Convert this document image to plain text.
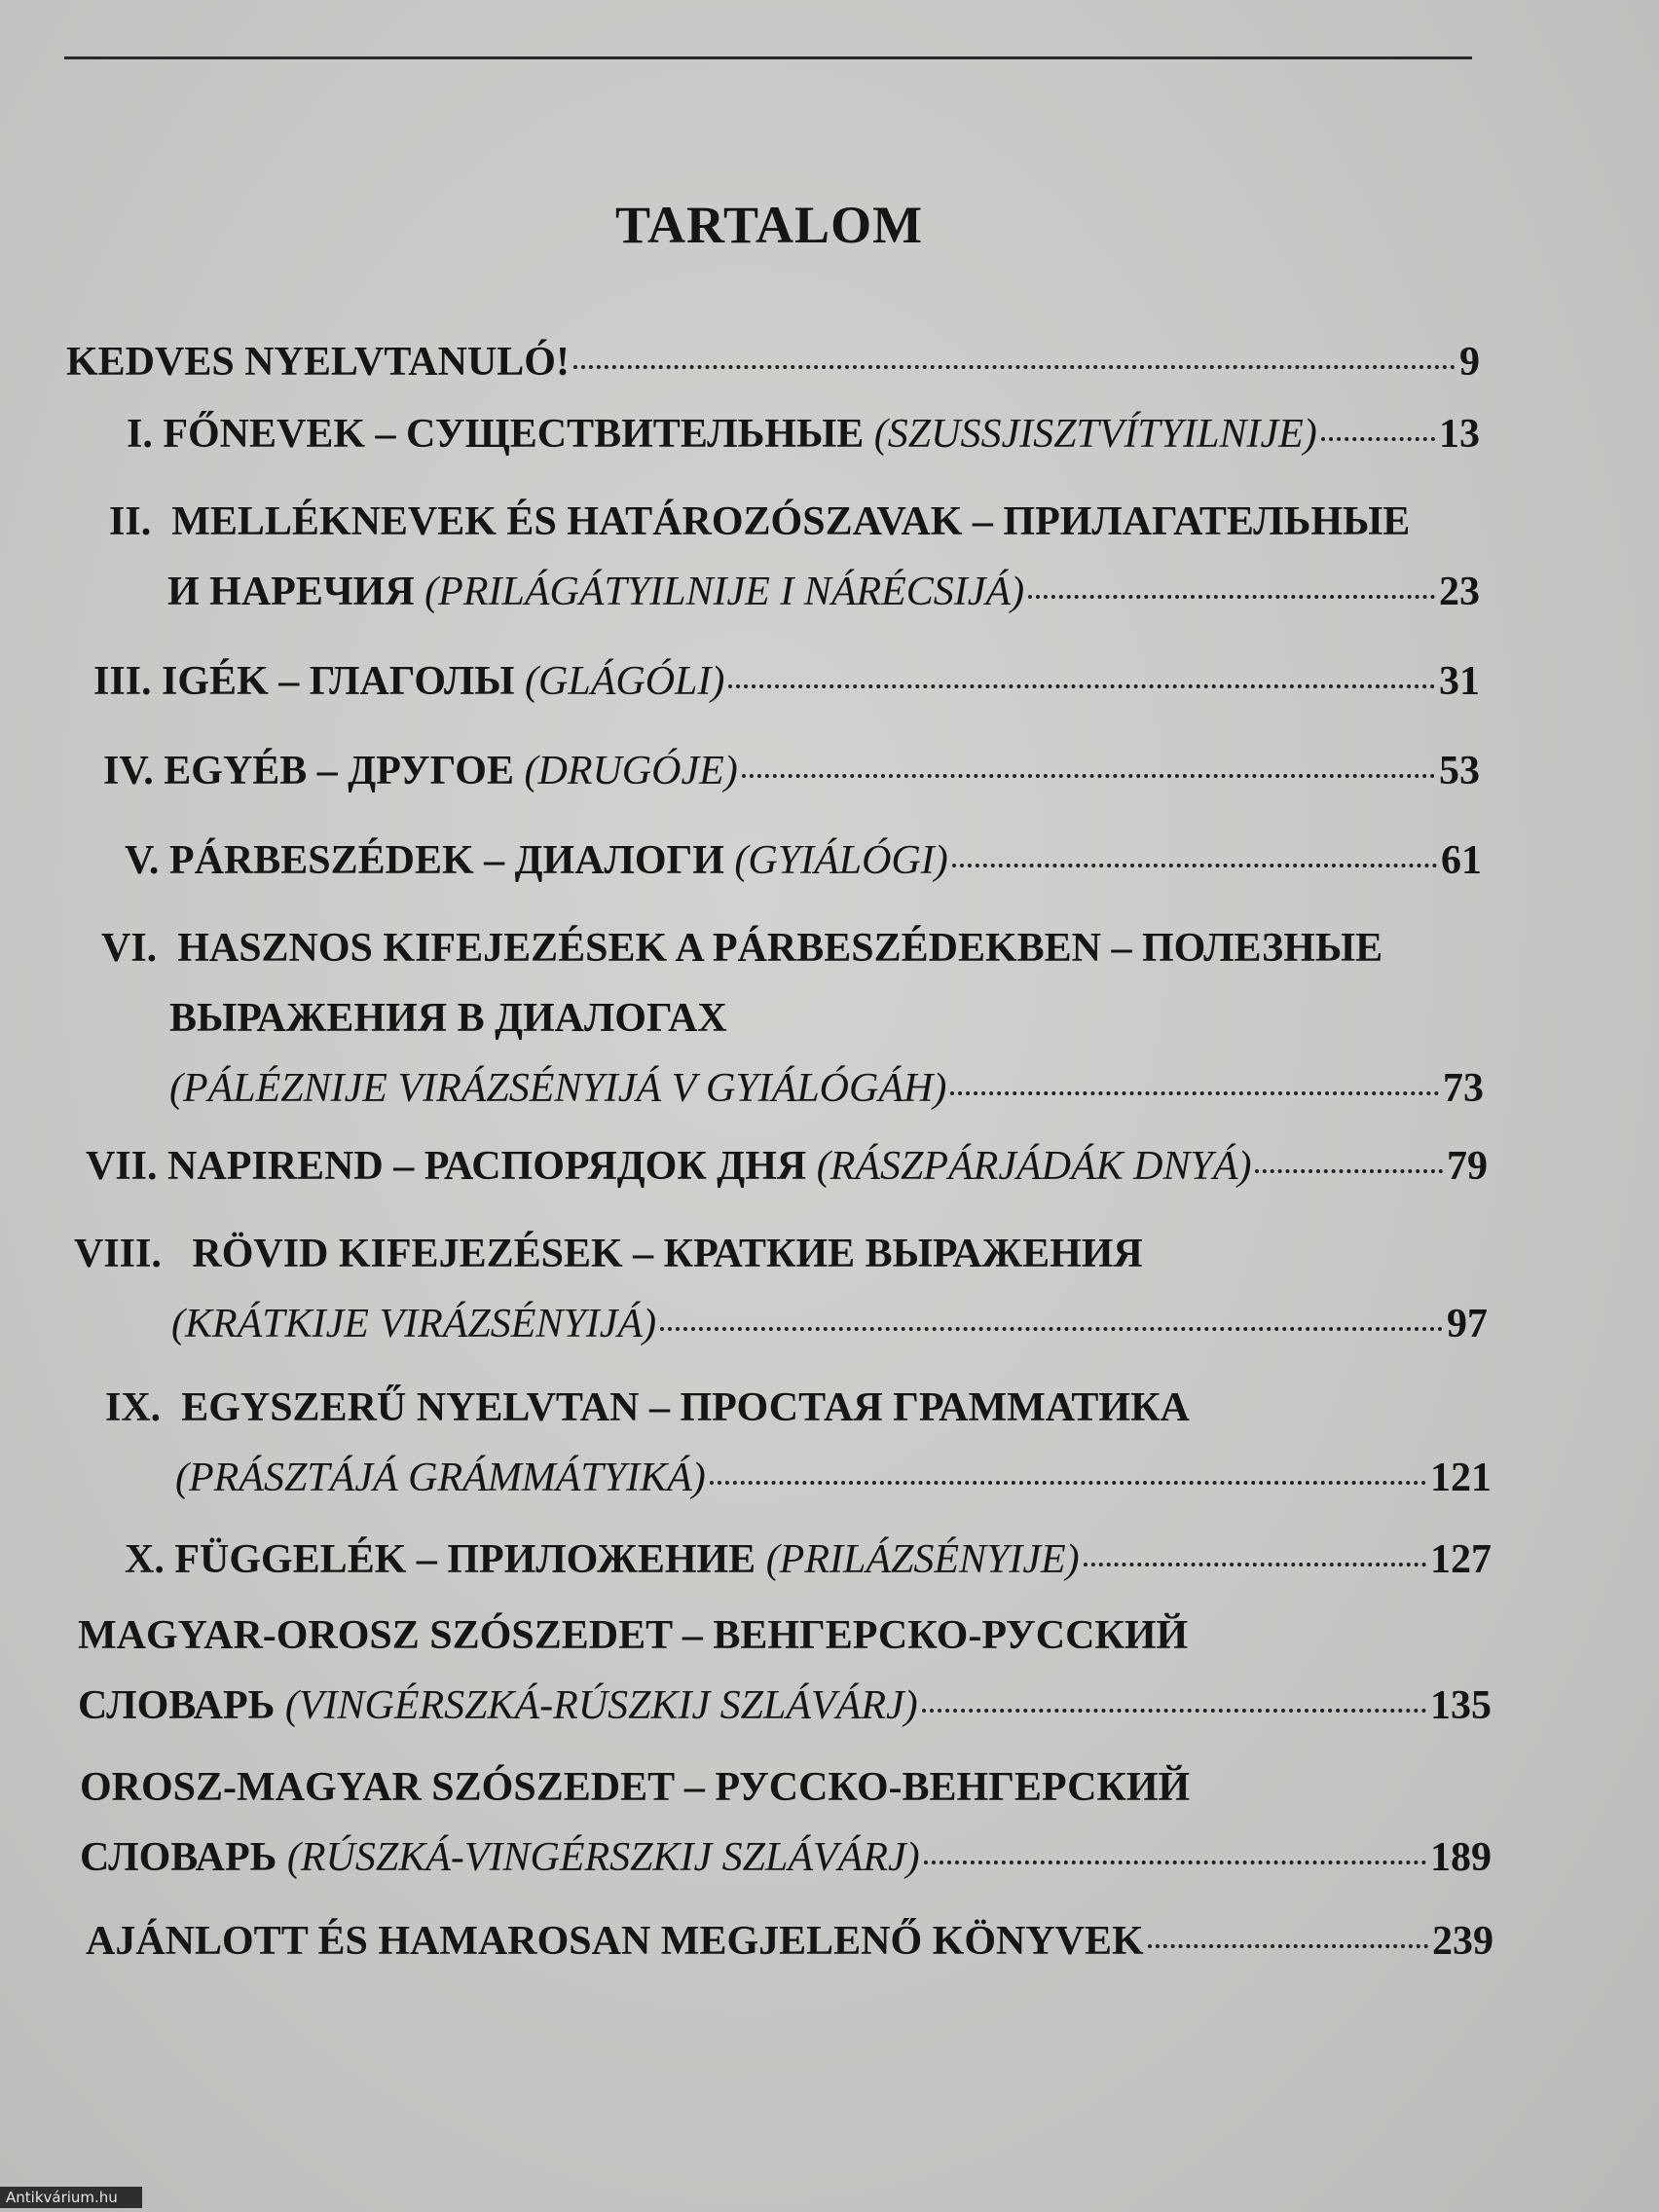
TARTALOM
KEDVES NYELVTANULÓ!	9
I.
FŐNEVEK – СУЩЕСТВИТЕЛЬНЫЕ
(SZUSSJISZTVÍTYILNIJE)	13
II. MELLÉKNEVEK ÉS HATÁROZÓSZAVAK – ПРИЛАГАТЕЛЬНЫЕ
И НАРЕЧИЯ
(PRILÁGÁTYILNIJE I NÁRÉCSIJÁ)	23
III.
IGÉK – ГЛАГОЛЫ
(GLÁGÓLI)	31
IV.
EGYÉB – ДРУГОЕ
(DRUGÓJE)	53
V.
PÁRBESZÉDEK – ДИАЛОГИ
(GYIÁLÓGI)	61
VI. HASZNOS KIFEJEZÉSEK A PÁRBESZÉDEKBEN – ПОЛЕЗНЫЕ
ВЫРАЖЕНИЯ В ДИАЛОГАХ
(PÁLÉZNIJE VIRÁZSÉNYIJÁ V GYIÁLÓGÁH)	73
VII.
NAPIREND – РАСПОРЯДОК ДНЯ
(RÁSZPÁRJÁDÁK DNYÁ)	79
VIII. RÖVID KIFEJEZÉSEK – КРАТКИЕ ВЫРАЖЕНИЯ
(KRÁTKIJE VIRÁZSÉNYIJÁ)	97
IX. EGYSZERŰ NYELVTAN – ПРОСТАЯ ГРАММАТИКА
(PRÁSZTÁJÁ GRÁMMÁTYIKÁ)	121
X.
FÜGGELÉK – ПРИЛОЖЕНИЕ
(PRILÁZSÉNYIJE)	127
MAGYAR-OROSZ SZÓSZEDET – ВЕНГЕРСКО-РУССКИЙ
СЛОВАРЬ
(VINGÉRSZKÁ-RÚSZKIJ SZLÁVÁRJ)	135
OROSZ-MAGYAR SZÓSZEDET – РУССКО-ВЕНГЕРСКИЙ
СЛОВАРЬ
(RÚSZKÁ-VINGÉRSZKIJ SZLÁVÁRJ)	189
AJÁNLOTT ÉS HAMAROSAN MEGJELENŐ KÖNYVEK	239
Antikvárium.hu
